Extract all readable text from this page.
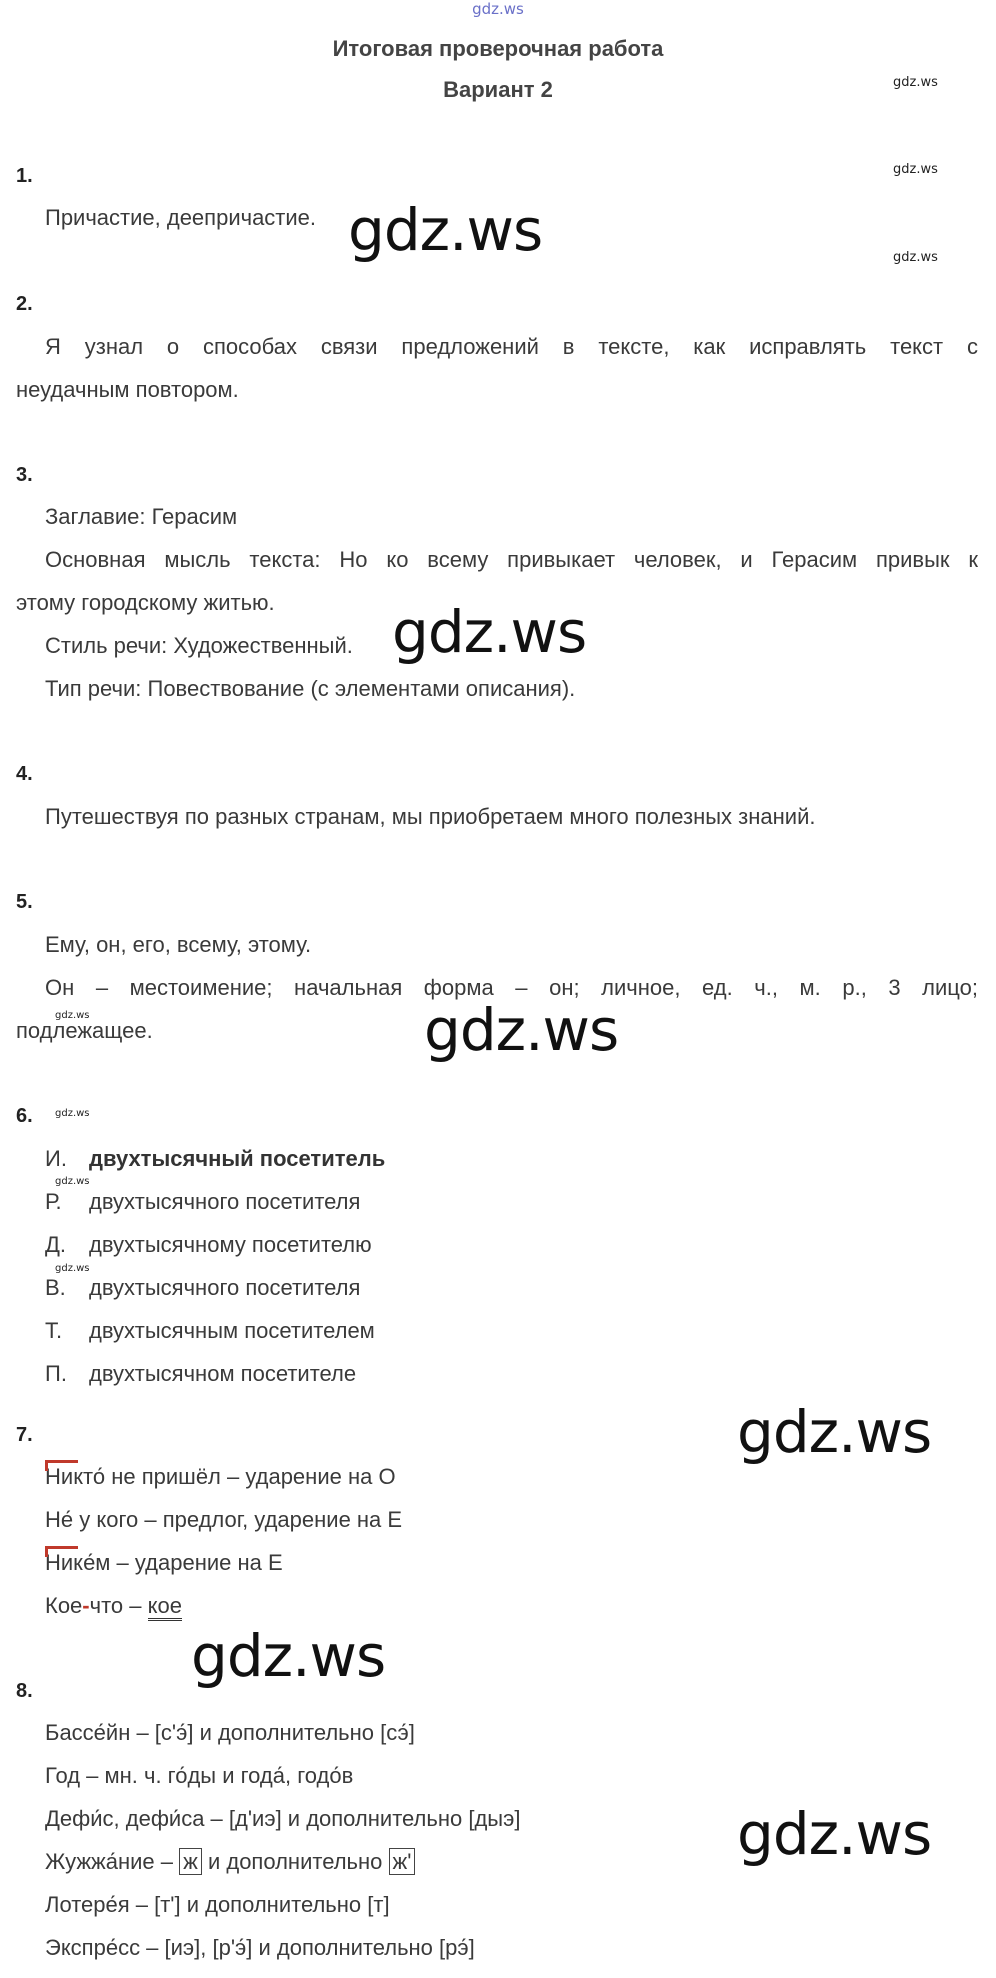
gdz.ws
Итоговая проверочная работа
Вариант 2	gdz.ws
gdz.ws
gdz.ws
1.
Причастие, деепричастие. gdz.ws
2.
Я узнал о способах связи предложений в тексте, как исправлять текст с
неудачным повтором.
3.
Заглавие: Герасим
Основная мысль текста: Но ко всему привыкает человек, и Герасим привык к
этому городскому житью.
Стиль речи: Художественный.
Тип речи: Повествование (с элементами описания).
gdz.ws
4.
Путешествуя по разных странам, мы приобретаем много полезных знаний.
5.
Ему, он, его, всему, этому.
Он – местоимение; начальная форма – он; личное, ед. ч., м. р., 3 лицо;
подлежащее.
gdz.ws	gdz.ws
6. gdz.ws
И. двухтысячный посетитель
gdz.ws
Р. двухтысячного посетителя
Д. двухтысячному посетителю
gdz.ws
В. двухтысячного посетителя
Т. двухтысячным посетителем
П. двухтысячном посетителе
7.	gdz.ws
Никто́ не пришёл – ударение на О
Не́ у кого – предлог, ударение на Е
Нике́м – ударение на Е
Кое-что – кое
gdz.ws
8.
Бассе́йн – [с'э́] и дополнительно [сэ́]
Год – мн. ч. го́ды и года́, годо́в
Дефи́с, дефи́са – [д'иэ] и дополнительно [дыэ]	gdz.ws
Жужжа́ние – ж и дополнительно ж'
Лотере́я – [т'] и дополнительно [т]
Экспре́сс – [иэ], [р'э́] и дополнительно [рэ́]
